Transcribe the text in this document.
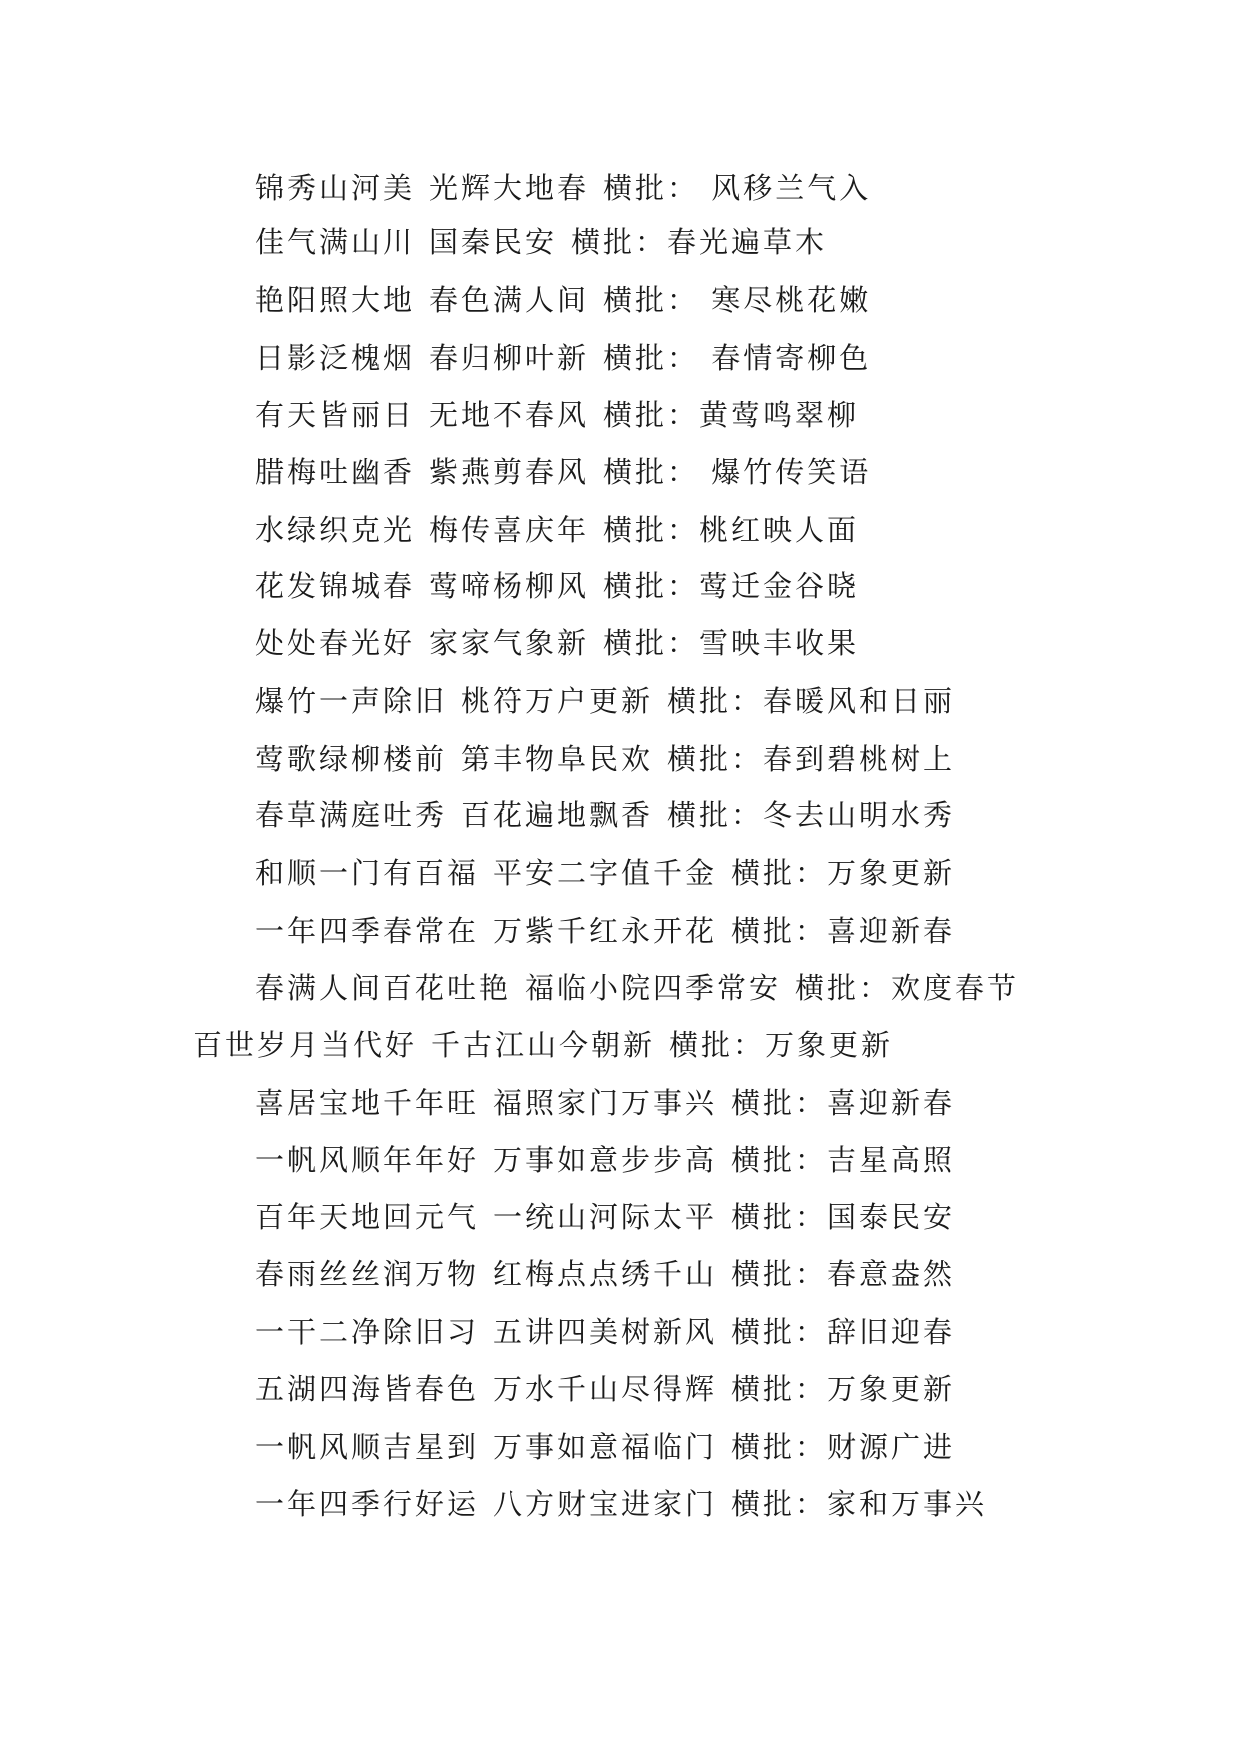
锦秀山河美 光辉大地春 横批： 风移兰气入
佳气满山川 国秦民安 横批：春光遍草木
艳阳照大地 春色满人间 横批： 寒尽桃花嫩
日影泛槐烟 春归柳叶新 横批： 春情寄柳色
有天皆丽日 无地不春风 横批：黄莺鸣翠柳
腊梅吐幽香 紫燕剪春风 横批： 爆竹传笑语
水绿织克光 梅传喜庆年 横批：桃红映人面
花发锦城春 莺啼杨柳风 横批：莺迁金谷晓
处处春光好 家家气象新 横批：雪映丰收果
爆竹一声除旧 桃符万户更新 横批：春暖风和日丽
莺歌绿柳楼前 第丰物阜民欢 横批：春到碧桃树上
春草满庭吐秀 百花遍地飘香 横批：冬去山明水秀
和顺一门有百福 平安二字值千金 横批：万象更新
一年四季春常在 万紫千红永开花 横批：喜迎新春
春满人间百花吐艳 福临小院四季常安 横批：欢度春节
百世岁月当代好 千古江山今朝新 横批：万象更新
喜居宝地千年旺 福照家门万事兴 横批：喜迎新春
一帆风顺年年好 万事如意步步高 横批：吉星高照
百年天地回元气 一统山河际太平 横批：国泰民安
春雨丝丝润万物 红梅点点绣千山 横批：春意盎然
一干二净除旧习 五讲四美树新风 横批：辞旧迎春
五湖四海皆春色 万水千山尽得辉 横批：万象更新
一帆风顺吉星到 万事如意福临门 横批：财源广进
一年四季行好运 八方财宝进家门 横批：家和万事兴
